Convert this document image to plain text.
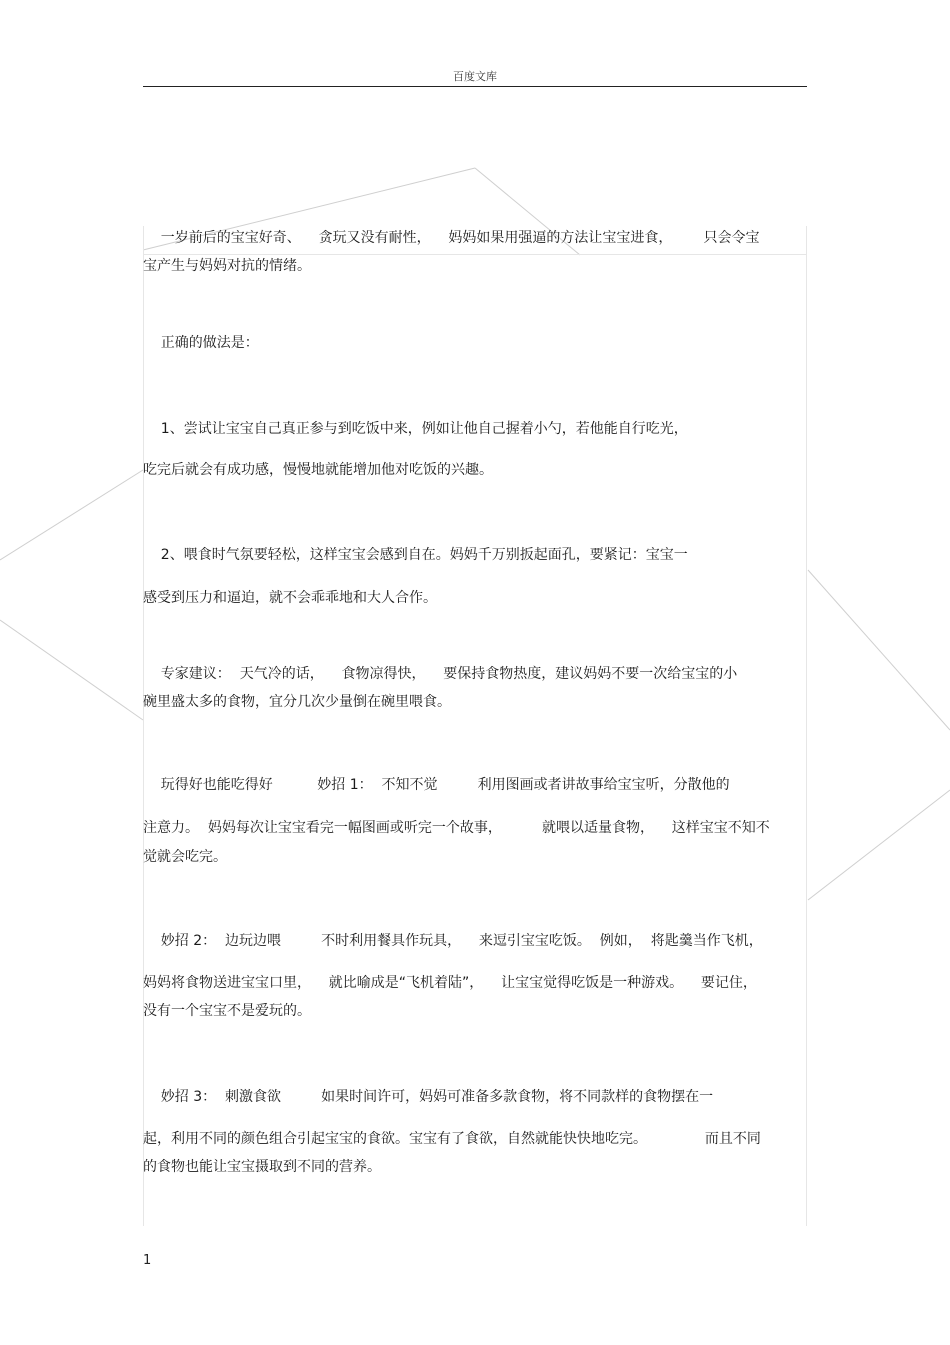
百度文库
一岁前后的宝宝好奇、    贪玩又没有耐性，    妈妈如果用强逼的方法让宝宝进食，       只会令宝
宝产生与妈妈对抗的情绪。
正确的做法是：
1、尝试让宝宝自己真正参与到吃饭中来，例如让他自己握着小勺，若他能自行吃光，
吃完后就会有成功感，慢慢地就能增加他对吃饭的兴趣。
2、喂食时气氛要轻松，这样宝宝会感到自在。妈妈千万别扳起面孔，要紧记：宝宝一
感受到压力和逼迫，就不会乖乖地和大人合作。
专家建议：  天气冷的话，    食物凉得快，    要保持食物热度，建议妈妈不要一次给宝宝的小
碗里盛太多的食物，宜分几次少量倒在碗里喂食。
玩得好也能吃得好          妙招 1：  不知不觉         利用图画或者讲故事给宝宝听，分散他的
注意力。  妈妈每次让宝宝看完一幅图画或听完一个故事，         就喂以适量食物，    这样宝宝不知不
觉就会吃完。
妙招 2：  边玩边喂         不时利用餐具作玩具，    来逗引宝宝吃饭。  例如，  将匙羹当作飞机，
妈妈将食物送进宝宝口里，    就比喻成是“飞机着陆”，    让宝宝觉得吃饭是一种游戏。    要记住，
没有一个宝宝不是爱玩的。
妙招 3：  刺激食欲         如果时间许可，妈妈可准备多款食物，将不同款样的食物摆在一
起，利用不同的颜色组合引起宝宝的食欲。宝宝有了食欲，自然就能快快地吃完。             而且不同
的食物也能让宝宝摄取到不同的营养。
1
